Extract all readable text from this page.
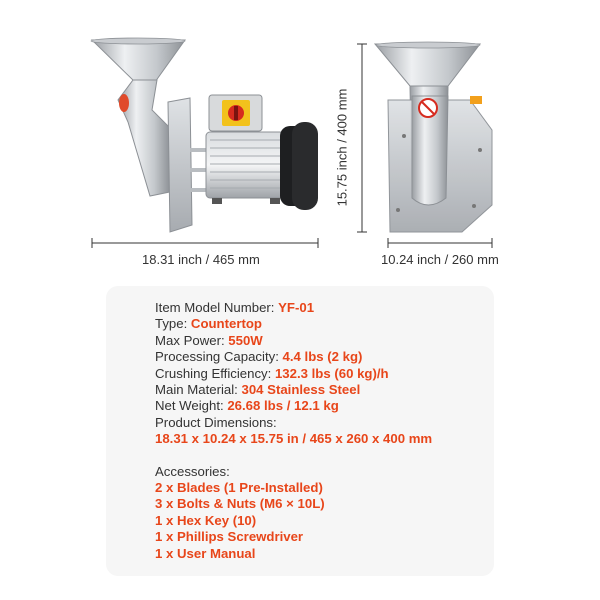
18.31 inch / 465 mm	10.24 inch / 260 mm
15.75 inch / 400 mm
Item Model Number: YF-01
Type: Countertop
Max Power: 550W
Processing Capacity: 4.4 lbs (2 kg)
Crushing Efficiency: 132.3 lbs (60 kg)/h
Main Material: 304 Stainless Steel
Net Weight: 26.68 lbs / 12.1 kg
Product Dimensions:
18.31 x 10.24 x 15.75 in / 465 x 260 x 400 mm
Accessories:
2 x Blades (1 Pre-Installed)
3 x Bolts & Nuts (M6 × 10L)
1 x Hex Key (10)
1 x Phillips Screwdriver
1 x User Manual
